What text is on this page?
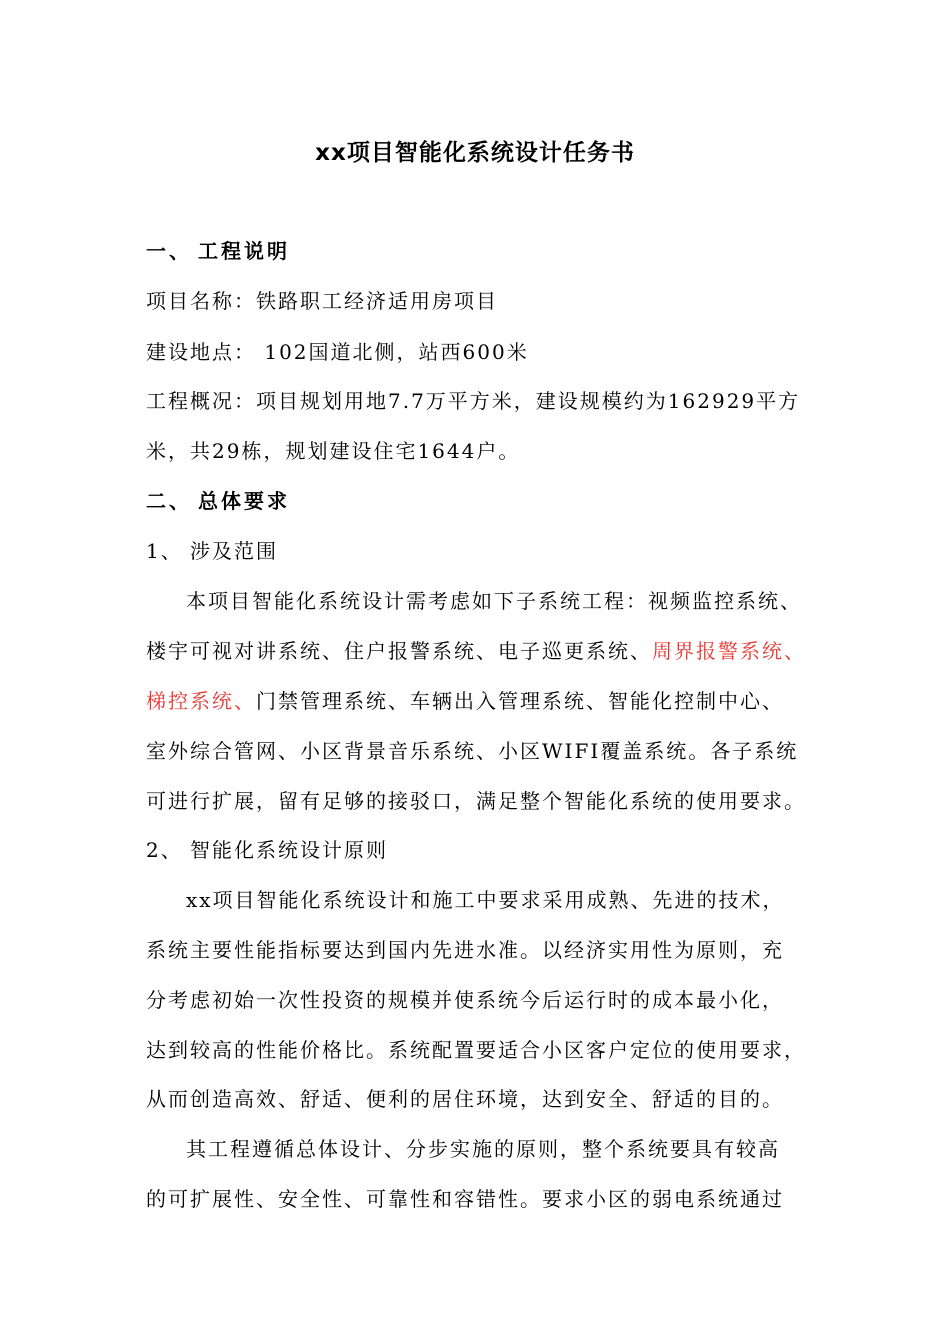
xx项目智能化系统设计任务书
一、 工程说明
项目名称：铁路职工经济适用房项目
建设地点： 102国道北侧，站西600米
工程概况：项目规划用地7.7万平方米，建设规模约为162929平方
米，共29栋，规划建设住宅1644户。
二、 总体要求
1、 涉及范围
本项目智能化系统设计需考虑如下子系统工程：视频监控系统、
楼宇可视对讲系统、住户报警系统、电子巡更系统、周界报警系统、
梯控系统、门禁管理系统、车辆出入管理系统、智能化控制中心、
室外综合管网、小区背景音乐系统、小区WIFI覆盖系统。各子系统
可进行扩展，留有足够的接驳口，满足整个智能化系统的使用要求。
2、 智能化系统设计原则
xx项目智能化系统设计和施工中要求采用成熟、先进的技术，
系统主要性能指标要达到国内先进水准。以经济实用性为原则，充
分考虑初始一次性投资的规模并使系统今后运行时的成本最小化，
达到较高的性能价格比。系统配置要适合小区客户定位的使用要求，
从而创造高效、舒适、便利的居住环境，达到安全、舒适的目的。
其工程遵循总体设计、分步实施的原则，整个系统要具有较高
的可扩展性、安全性、可靠性和容错性。要求小区的弱电系统通过
